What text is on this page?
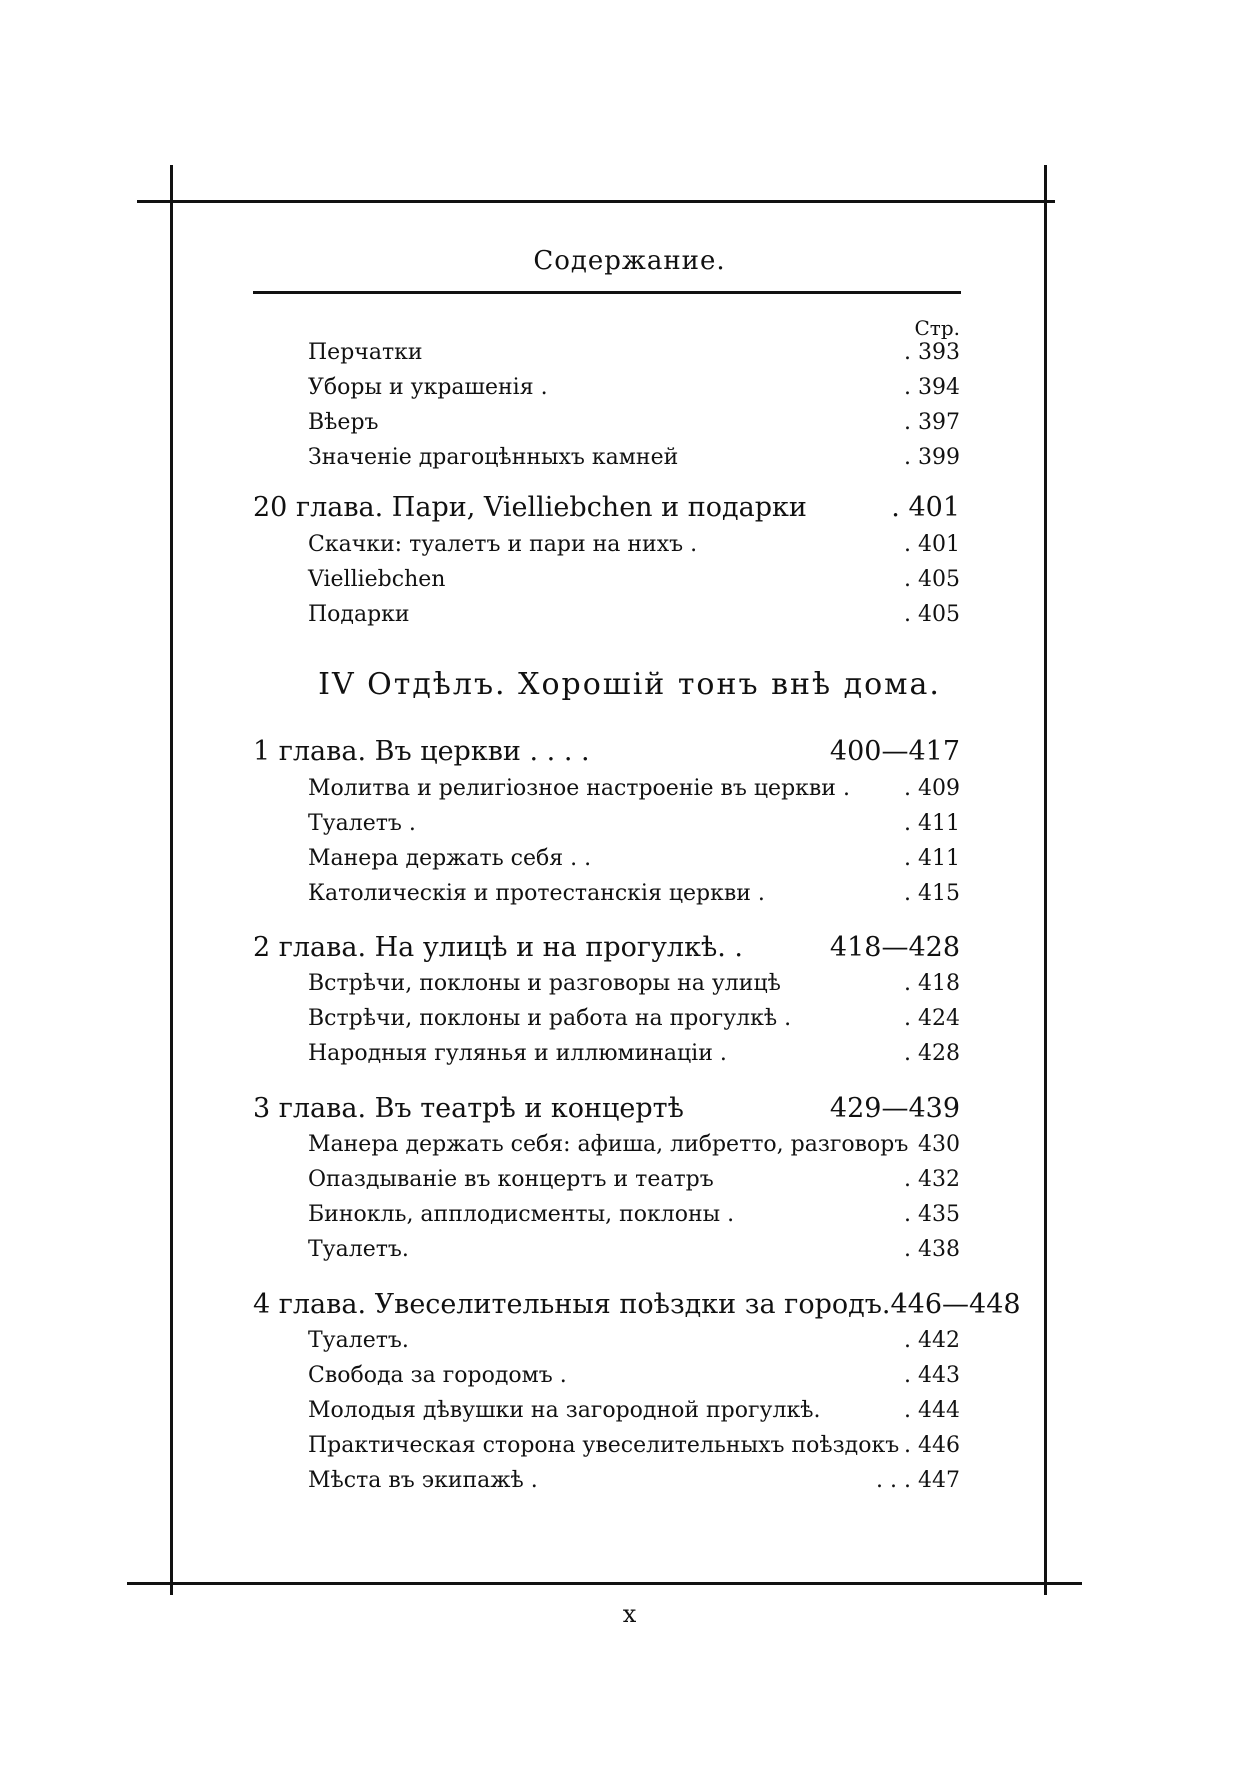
Содержание.
Стр.
Перчатки	. 393
Уборы и украшенія .	. 394
Вѣеръ	. 397
Значеніе драгоцѣнныхъ камней	. 399
20 глава. Пари, Vielliebchen и подарки	. 401
Скачки: туалетъ и пари на нихъ .	. 401
Vielliebchen	. 405
Подарки	. 405
IV Отдѣлъ. Хорошій тонъ внѣ дома.
1 глава. Въ церкви . . . .	400—417
Молитва и религіозное настроеніе въ церкви . . 409
Туалетъ .	. 411
Манера держать себя . .	. 411
Католическія и протестанскія церкви .	. 415
2 глава. На улицѣ и на прогулкѣ. .	418—428
Встрѣчи, поклоны и разговоры на улицѣ	. 418
Встрѣчи, поклоны и работа на прогулкѣ .	. 424
Народныя гулянья и иллюминаціи .	. 428
3 глава. Въ театрѣ и концертѣ	429—439
Манера держать себя: афиша, либретто, разговоръ 430
Опаздываніе въ концертъ и театръ	. 432
Бинокль, апплодисменты, поклоны .	. 435
Туалетъ.	. 438
4 глава. Увеселительныя поѣздки за городъ. 446—448
Туалетъ.	. 442
Свобода за городомъ .	. 443
Молодыя дѣвушки на загородной прогулкѣ.	. 444
Практическая сторона увеселительныхъ поѣздокъ . 446
Мѣста въ экипажѣ .	. . . 447
x
